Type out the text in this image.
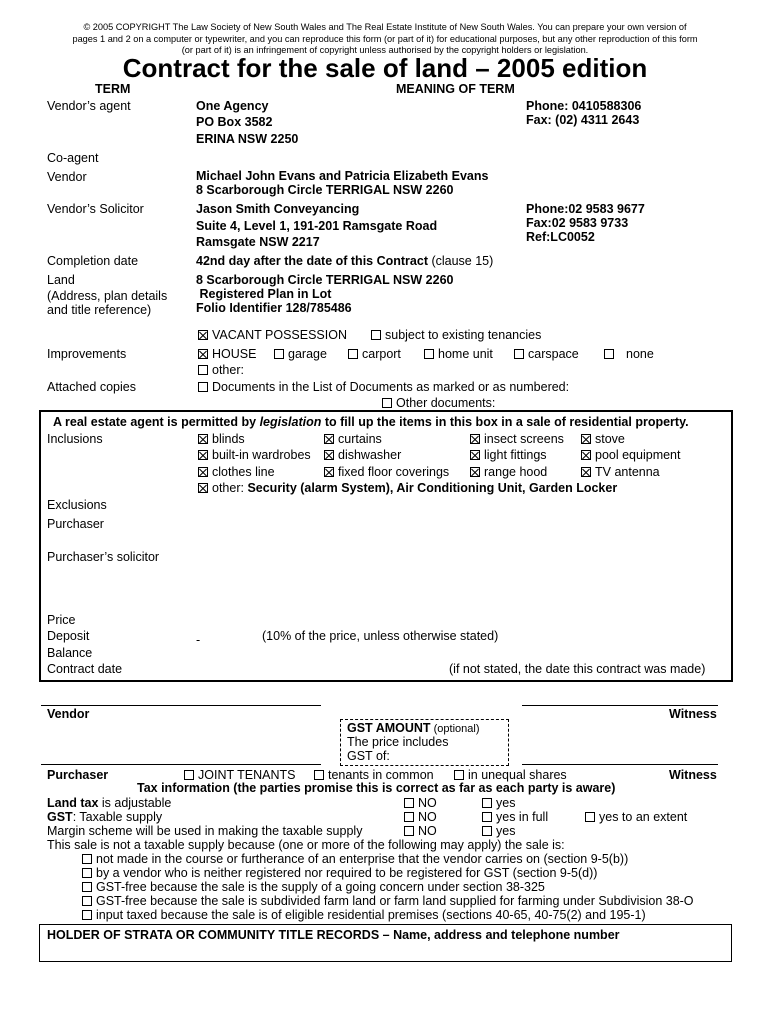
© 2005 COPYRIGHT The Law Society of New South Wales and The Real Estate Institute of New South Wales. You can prepare your own version of
pages 1 and 2 on a computer or typewriter, and you can reproduce this form (or part of it) for educational purposes, but any other reproduction of this form
(or part of it) is an infringement of copyright unless authorised by the copyright holders or legislation.
Contract for the sale of land – 2005 edition
TERM	MEANING OF TERM
Vendor’s agent	One Agency
PO Box 3582
ERINA NSW 2250
Phone: 0410588306
Fax: (02) 4311 2643
Co-agent
Vendor	Michael John Evans and Patricia Elizabeth Evans
8 Scarborough Circle TERRIGAL NSW 2260
Vendor’s Solicitor	Jason Smith Conveyancing
Suite 4, Level 1, 191-201 Ramsgate Road
Ramsgate NSW 2217
Phone:02 9583 9677
Fax:02 9583 9733
Ref:LC0052
Completion date	42nd day after the date of this Contract (clause 15)
Land
(Address, plan details
and title reference)
8 Scarborough Circle TERRIGAL NSW 2260
Registered Plan in Lot
Folio Identifier 128/785486
VACANT POSSESSION	subject to existing tenancies
Improvements	HOUSE	garage	carport	home unit	carspace	none
other:
Attached copies	Documents in the List of Documents as marked or as numbered:
Other documents:
A real estate agent is permitted by legislation to fill up the items in this box in a sale of residential property.
Inclusions	blinds	curtains	insect screens	stove
built-in wardrobes	dishwasher	light fittings	pool equipment
clothes line	fixed floor coverings	range hood	TV antenna
other: Security (alarm System), Air Conditioning Unit, Garden Locker
Exclusions
Purchaser
Purchaser’s solicitor
Price
Deposit	-	(10% of the price, unless otherwise stated)
Balance
Contract date	(if not stated, the date this contract was made)
Vendor	Witness
GST AMOUNT (optional)
The price includes
GST of:
Purchaser	JOINT TENANTS	tenants in common	in unequal shares	Witness
Tax information (the parties promise this is correct as far as each party is aware)
Land tax is adjustable	NO	yes
GST: Taxable supply	NO	yes in full	yes to an extent
Margin scheme will be used in making the taxable supply	NO	yes
This sale is not a taxable supply because (one or more of the following may apply) the sale is:
not made in the course or furtherance of an enterprise that the vendor carries on (section 9-5(b))
by a vendor who is neither registered nor required to be registered for GST (section 9-5(d))
GST-free because the sale is the supply of a going concern under section 38-325
GST-free because the sale is subdivided farm land or farm land supplied for farming under Subdivision 38-O
input taxed because the sale is of eligible residential premises (sections 40-65, 40-75(2) and 195-1)
HOLDER OF STRATA OR COMMUNITY TITLE RECORDS – Name, address and telephone number
